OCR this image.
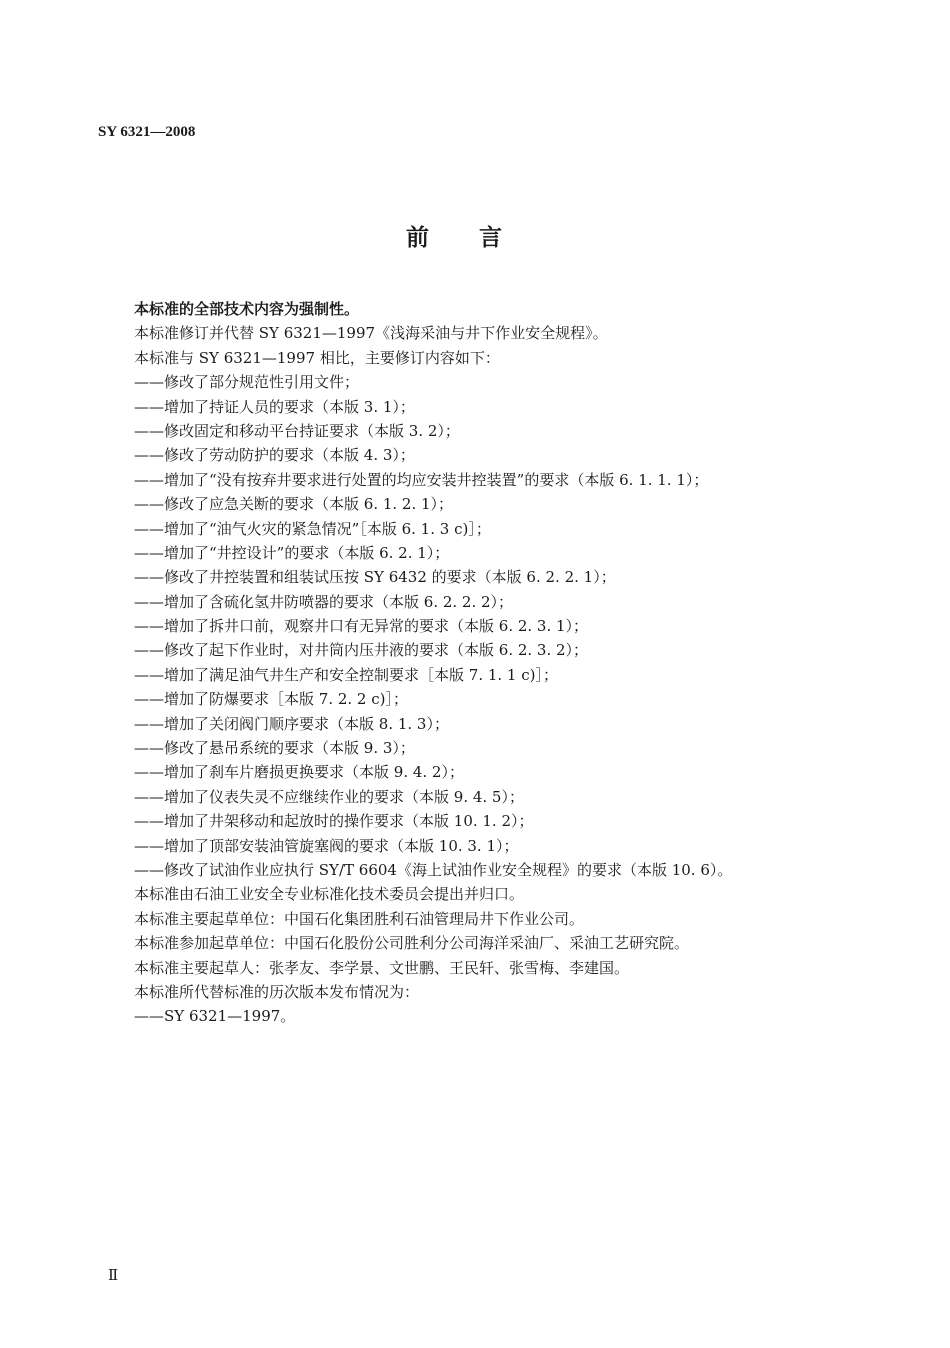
SY 6321—2008
前言
本标准的全部技术内容为强制性。
本标准修订并代替 SY 6321—1997《浅海采油与井下作业安全规程》。
本标准与 SY 6321—1997 相比，主要修订内容如下：
——修改了部分规范性引用文件；
——增加了持证人员的要求（本版 3. 1）；
——修改固定和移动平台持证要求（本版 3. 2）；
——修改了劳动防护的要求（本版 4. 3）；
——增加了“没有按弃井要求进行处置的均应安装井控装置”的要求（本版 6. 1. 1. 1）；
——修改了应急关断的要求（本版 6. 1. 2. 1）；
——增加了“油气火灾的紧急情况”［本版 6. 1. 3 c)］；
——增加了“井控设计”的要求（本版 6. 2. 1）；
——修改了井控装置和组装试压按 SY 6432 的要求（本版 6. 2. 2. 1）；
——增加了含硫化氢井防喷器的要求（本版 6. 2. 2. 2）；
——增加了拆井口前，观察井口有无异常的要求（本版 6. 2. 3. 1）；
——修改了起下作业时，对井筒内压井液的要求（本版 6. 2. 3. 2）；
——增加了满足油气井生产和安全控制要求［本版 7. 1. 1 c)］；
——增加了防爆要求［本版 7. 2. 2 c)］；
——增加了关闭阀门顺序要求（本版 8. 1. 3）；
——修改了悬吊系统的要求（本版 9. 3）；
——增加了刹车片磨损更换要求（本版 9. 4. 2）；
——增加了仪表失灵不应继续作业的要求（本版 9. 4. 5）；
——增加了井架移动和起放时的操作要求（本版 10. 1. 2）；
——增加了顶部安装油管旋塞阀的要求（本版 10. 3. 1）；
——修改了试油作业应执行 SY/T 6604《海上试油作业安全规程》的要求（本版 10. 6）。
本标准由石油工业安全专业标准化技术委员会提出并归口。
本标准主要起草单位：中国石化集团胜利石油管理局井下作业公司。
本标准参加起草单位：中国石化股份公司胜利分公司海洋采油厂、采油工艺研究院。
本标准主要起草人：张孝友、李学景、文世鹏、王民轩、张雪梅、李建国。
本标准所代替标准的历次版本发布情况为：
——SY 6321—1997。
Ⅱ
